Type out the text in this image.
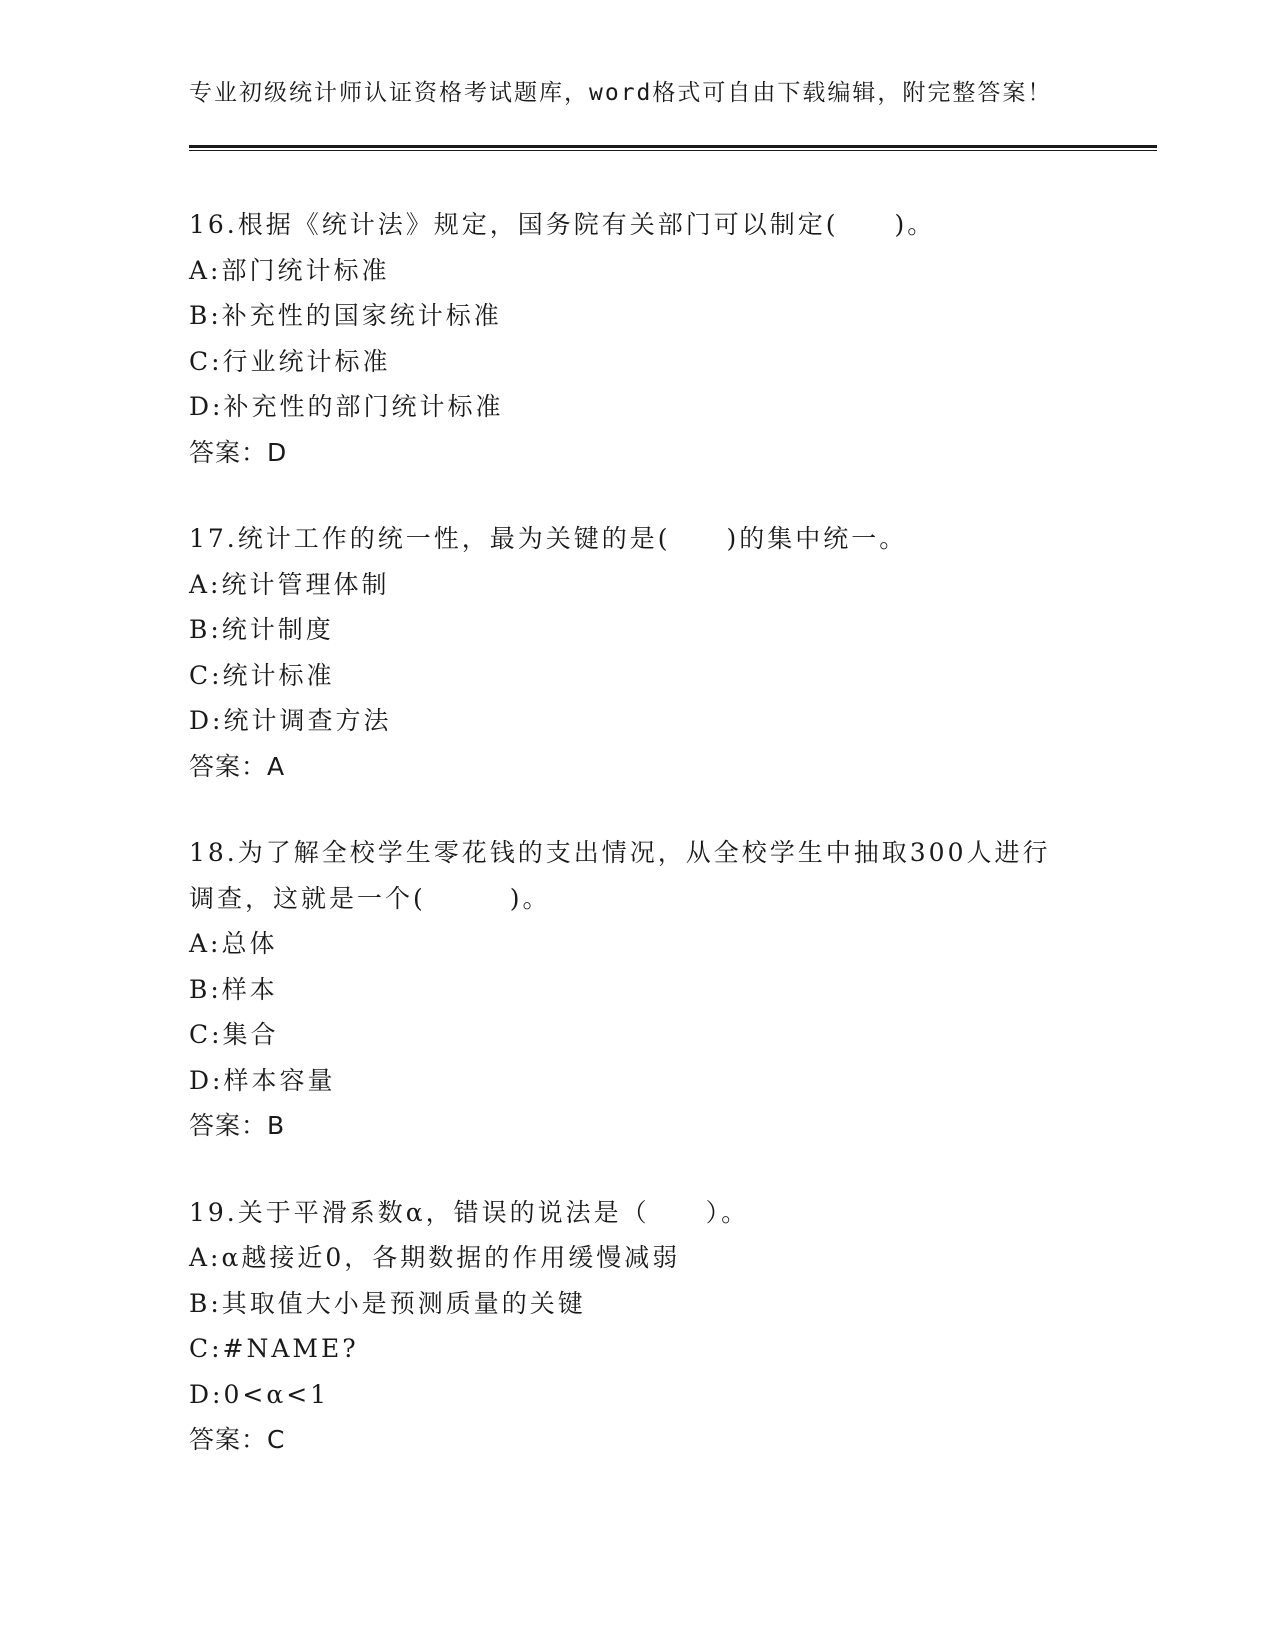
专业初级统计师认证资格考试题库，word格式可自由下载编辑，附完整答案！
16.根据《统计法》规定，国务院有关部门可以制定(　　)。
A:部门统计标准
B:补充性的国家统计标准
C:行业统计标准
D:补充性的部门统计标准
答案：D
17.统计工作的统一性，最为关键的是(　　)的集中统一。
A:统计管理体制
B:统计制度
C:统计标准
D:统计调查方法
答案：A
18.为了解全校学生零花钱的支出情况，从全校学生中抽取300人进行
调查，这就是一个(　　　)。
A:总体
B:样本
C:集合
D:样本容量
答案：B
19.关于平滑系数α，错误的说法是（　　）。
A:α越接近0，各期数据的作用缓慢减弱
B:其取值大小是预测质量的关键
C:#NAME?
D:0<α<1
答案：C
